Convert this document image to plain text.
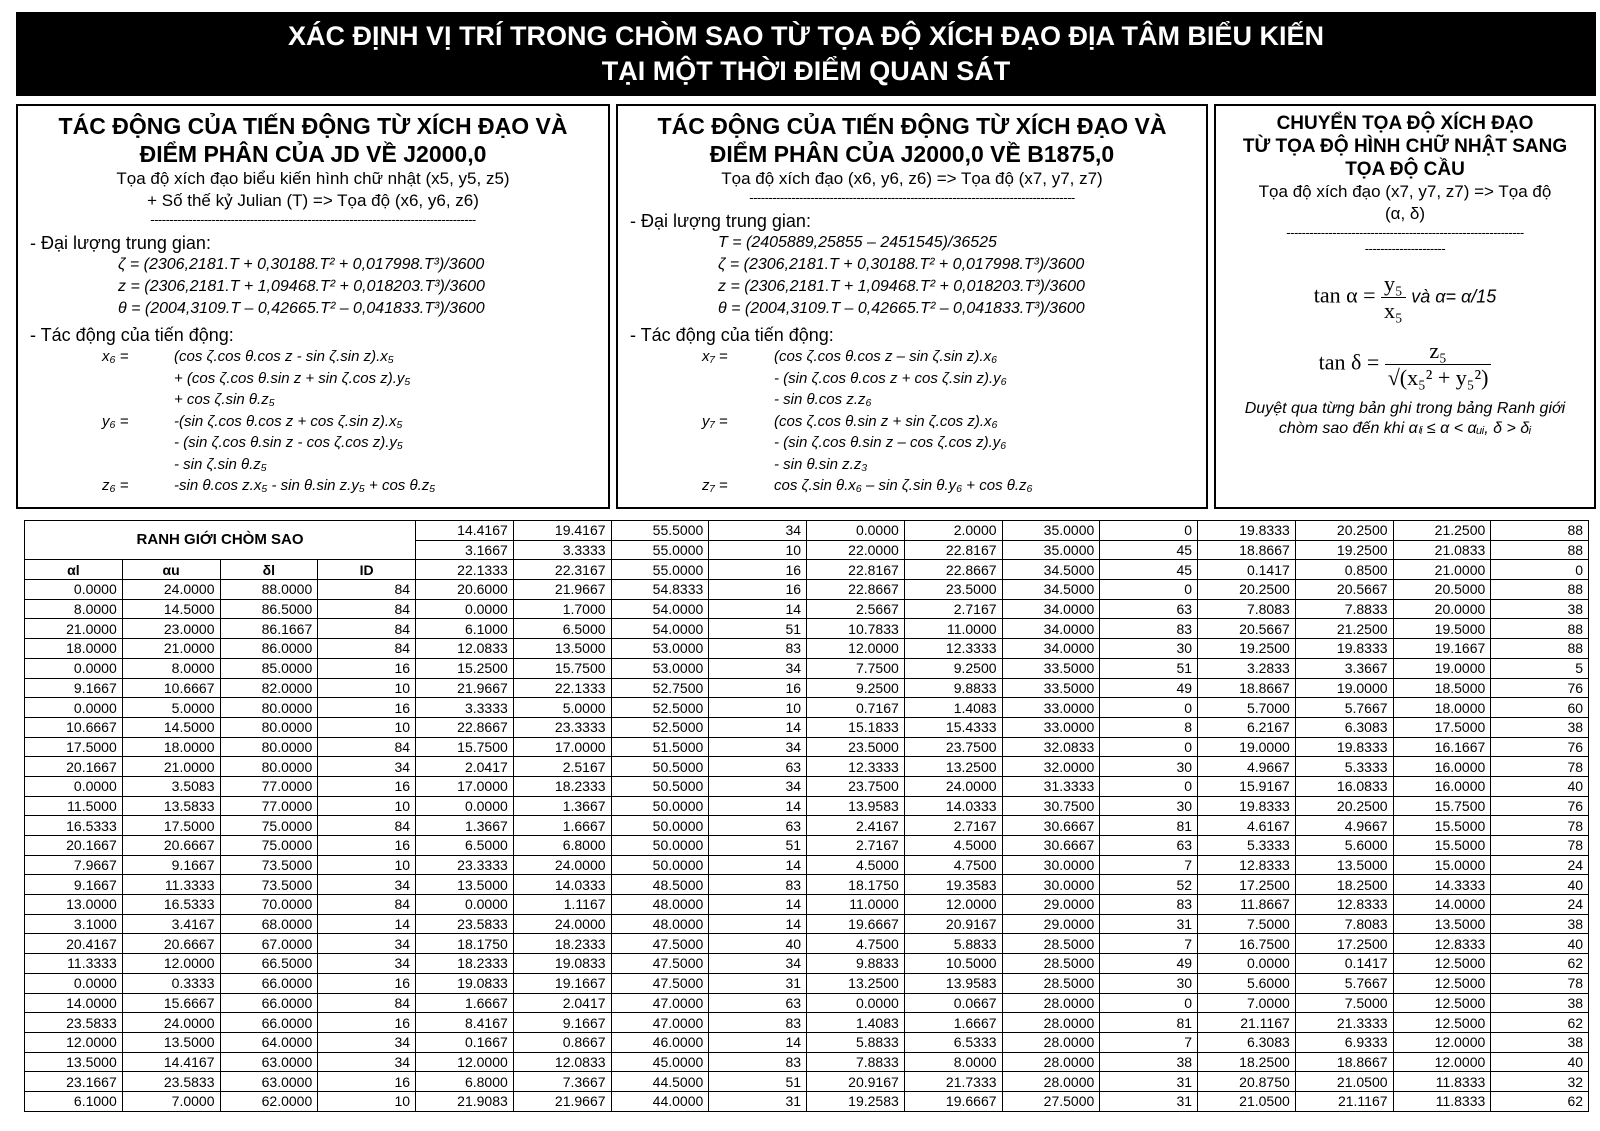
XÁC ĐỊNH VỊ TRÍ TRONG CHÒM SAO TỪ TỌA ĐỘ XÍCH ĐẠO ĐỊA TÂM BIỂU KIẾN
TẠI MỘT THỜI ĐIỂM QUAN SÁT
TÁC ĐỘNG CỦA TIẾN ĐỘNG TỪ XÍCH ĐẠO VÀ
ĐIỂM PHÂN CỦA JD VỀ J2000,0
Tọa độ xích đạo biểu kiến hình chữ nhật (x5, y5, z5)
+ Số thế kỷ Julian (T) => Tọa độ (x6, y6, z6)
-------------------------------------------------------------------------------------
- Đại lượng trung gian:
ζ = (2306,2181.T + 0,30188.T² + 0,017998.T³)/3600
z = (2306,2181.T + 1,09468.T² + 0,018203.T³)/3600
θ = (2004,3109.T – 0,42665.T² – 0,041833.T³)/3600
- Tác động của tiến động:
x₆ =	(cos ζ.cos θ.cos z - sin ζ.sin z).x₅
+ (cos ζ.cos θ.sin z + sin ζ.cos z).y₅
+ cos ζ.sin θ.z₅
y₆ =	-(sin ζ.cos θ.cos z + cos ζ.sin z).x₅
- (sin ζ.cos θ.sin z - cos ζ.cos z).y₅
- sin ζ.sin θ.z₅
z₆ =	-sin θ.cos z.x₅ - sin θ.sin z.y₅ + cos θ.z₅
TÁC ĐỘNG CỦA TIẾN ĐỘNG TỪ XÍCH ĐẠO VÀ
ĐIỂM PHÂN CỦA J2000,0 VỀ B1875,0
Tọa độ xích đạo (x6, y6, z6) => Tọa độ (x7, y7, z7)
-------------------------------------------------------------------------------------
- Đại lượng trung gian:
T = (2405889,25855 – 2451545)/36525
ζ = (2306,2181.T + 0,30188.T² + 0,017998.T³)/3600
z = (2306,2181.T + 1,09468.T² + 0,018203.T³)/3600
θ = (2004,3109.T – 0,42665.T² – 0,041833.T³)/3600
- Tác động của tiến động:
x₇ =	(cos ζ.cos θ.cos z – sin ζ.sin z).x₆
- (sin ζ.cos θ.cos z + cos ζ.sin z).y₆
- sin θ.cos z.z₆
y₇ =	(cos ζ.cos θ.sin z + sin ζ.cos z).x₆
- (sin ζ.cos θ.sin z – cos ζ.cos z).y₆
- sin θ.sin z.z₃
z₇ =	cos ζ.sin θ.x₆ – sin ζ.sin θ.y₆ + cos θ.z₆
CHUYỂN TỌA ĐỘ XÍCH ĐẠO
TỪ TỌA ĐỘ HÌNH CHỮ NHẬT SANG
TỌA ĐỘ CẦU
Tọa độ xích đạo (x7, y7, z7) => Tọa độ
(α, δ)
--------------------------------------------------------------
---------------------
$\tan \alpha = \frac{\text{y₅}}{\text{x₅}}$ và α= α/15
$\tan \delta = \frac{\text{z₅}}{\text{√(x₅² + y₅²)}}$
Duyệt qua từng bản ghi trong bảng Ranh giới chòm sao đến khi αₗᵢ ≤ α < αᵤᵢ, δ > δᵢ
RANH GIỚI CHÒM SAO				14.4167	19.4167	55.5000	34	0.0000	2.0000	35.0000	0	19.8333	20.2500	21.2500	88
				3.1667	3.3333	55.0000	10	22.0000	22.8167	35.0000	45	18.8667	19.2500	21.0833	88
αl	αu	δl	ID	22.1333	22.3167	55.0000	16	22.8167	22.8667	34.5000	45	0.1417	0.8500	21.0000	0
0.0000	24.0000	88.0000	84	20.6000	21.9667	54.8333	16	22.8667	23.5000	34.5000	0	20.2500	20.5667	20.5000	88
8.0000	14.5000	86.5000	84	0.0000	1.7000	54.0000	14	2.5667	2.7167	34.0000	63	7.8083	7.8833	20.0000	38
21.0000	23.0000	86.1667	84	6.1000	6.5000	54.0000	51	10.7833	11.0000	34.0000	83	20.5667	21.2500	19.5000	88
18.0000	21.0000	86.0000	84	12.0833	13.5000	53.0000	83	12.0000	12.3333	34.0000	30	19.2500	19.8333	19.1667	88
0.0000	8.0000	85.0000	16	15.2500	15.7500	53.0000	34	7.7500	9.2500	33.5000	51	3.2833	3.3667	19.0000	5
9.1667	10.6667	82.0000	10	21.9667	22.1333	52.7500	16	9.2500	9.8833	33.5000	49	18.8667	19.0000	18.5000	76
0.0000	5.0000	80.0000	16	3.3333	5.0000	52.5000	10	0.7167	1.4083	33.0000	0	5.7000	5.7667	18.0000	60
10.6667	14.5000	80.0000	10	22.8667	23.3333	52.5000	14	15.1833	15.4333	33.0000	8	6.2167	6.3083	17.5000	38
17.5000	18.0000	80.0000	84	15.7500	17.0000	51.5000	34	23.5000	23.7500	32.0833	0	19.0000	19.8333	16.1667	76
20.1667	21.0000	80.0000	34	2.0417	2.5167	50.5000	63	12.3333	13.2500	32.0000	30	4.9667	5.3333	16.0000	78
0.0000	3.5083	77.0000	16	17.0000	18.2333	50.5000	34	23.7500	24.0000	31.3333	0	15.9167	16.0833	16.0000	40
11.5000	13.5833	77.0000	10	0.0000	1.3667	50.0000	14	13.9583	14.0333	30.7500	30	19.8333	20.2500	15.7500	76
16.5333	17.5000	75.0000	84	1.3667	1.6667	50.0000	63	2.4167	2.7167	30.6667	81	4.6167	4.9667	15.5000	78
20.1667	20.6667	75.0000	16	6.5000	6.8000	50.0000	51	2.7167	4.5000	30.6667	63	5.3333	5.6000	15.5000	78
7.9667	9.1667	73.5000	10	23.3333	24.0000	50.0000	14	4.5000	4.7500	30.0000	7	12.8333	13.5000	15.0000	24
9.1667	11.3333	73.5000	34	13.5000	14.0333	48.5000	83	18.1750	19.3583	30.0000	52	17.2500	18.2500	14.3333	40
13.0000	16.5333	70.0000	84	0.0000	1.1167	48.0000	14	11.0000	12.0000	29.0000	83	11.8667	12.8333	14.0000	24
3.1000	3.4167	68.0000	14	23.5833	24.0000	48.0000	14	19.6667	20.9167	29.0000	31	7.5000	7.8083	13.5000	38
20.4167	20.6667	67.0000	34	18.1750	18.2333	47.5000	40	4.7500	5.8833	28.5000	7	16.7500	17.2500	12.8333	40
11.3333	12.0000	66.5000	34	18.2333	19.0833	47.5000	34	9.8833	10.5000	28.5000	49	0.0000	0.1417	12.5000	62
0.0000	0.3333	66.0000	16	19.0833	19.1667	47.5000	31	13.2500	13.9583	28.5000	30	5.6000	5.7667	12.5000	78
14.0000	15.6667	66.0000	84	1.6667	2.0417	47.0000	63	0.0000	0.0667	28.0000	0	7.0000	7.5000	12.5000	38
23.5833	24.0000	66.0000	16	8.4167	9.1667	47.0000	83	1.4083	1.6667	28.0000	81	21.1167	21.3333	12.5000	62
12.0000	13.5000	64.0000	34	0.1667	0.8667	46.0000	14	5.8833	6.5333	28.0000	7	6.3083	6.9333	12.0000	38
13.5000	14.4167	63.0000	34	12.0000	12.0833	45.0000	83	7.8833	8.0000	28.0000	38	18.2500	18.8667	12.0000	40
23.1667	23.5833	63.0000	16	6.8000	7.3667	44.5000	51	20.9167	21.7333	28.0000	31	20.8750	21.0500	11.8333	32
6.1000	7.0000	62.0000	10	21.9083	21.9667	44.0000	31	19.2583	19.6667	27.5000	31	21.0500	21.1167	11.8333	62
